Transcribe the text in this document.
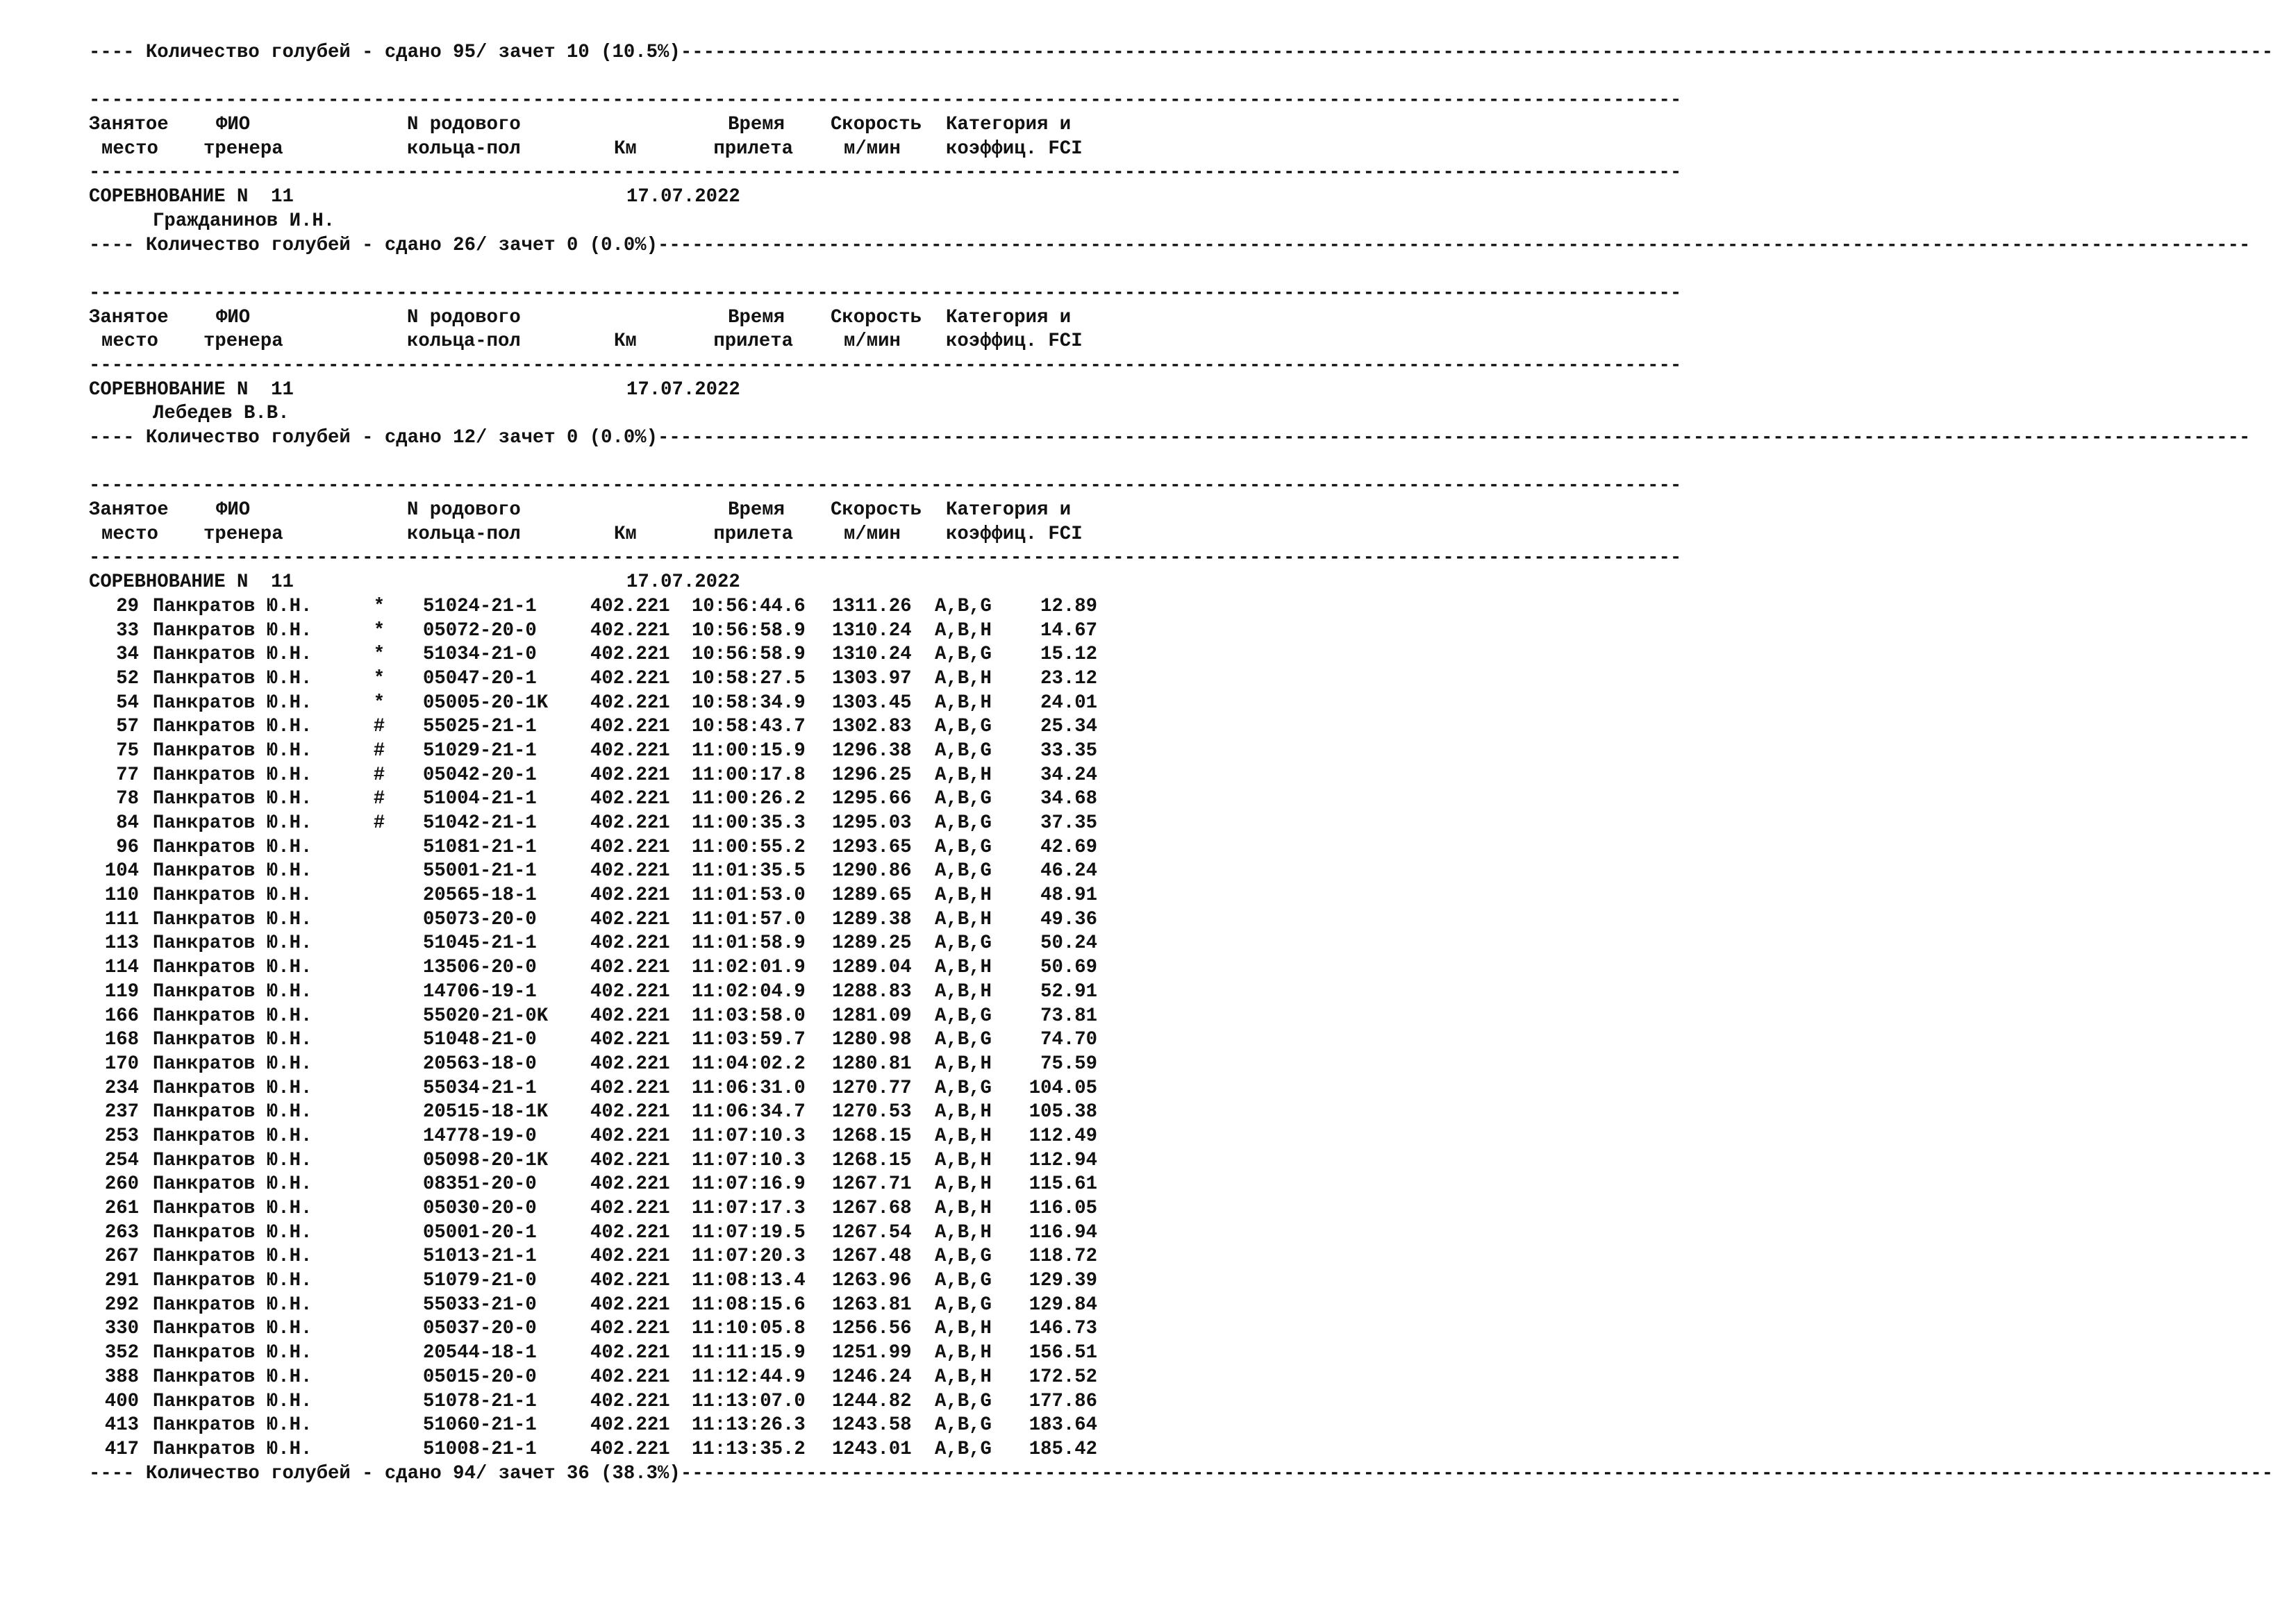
---- Количество голубей - сдано 95/ зачет 10 (10.5%)--------------------------------------------------------------------------------------------------------------------------------------------
--------------------------------------------------------------------------------------------------------------------------------------------
Занятое	ФИО	N родового	Время Скорость Категория и
место тренера	кольца-пол	Км	прилета	м/мин коэффиц. FCI
--------------------------------------------------------------------------------------------------------------------------------------------
СОРЕВНОВАНИЕ N  11	17.07.2022
Гражданинов И.Н.
---- Количество голубей - сдано 26/ зачет 0 (0.0%)--------------------------------------------------------------------------------------------------------------------------------------------
--------------------------------------------------------------------------------------------------------------------------------------------
Занятое	ФИО	N родового	Время Скорость Категория и
место тренера	кольца-пол	Км	прилета	м/мин коэффиц. FCI
--------------------------------------------------------------------------------------------------------------------------------------------
СОРЕВНОВАНИЕ N  11	17.07.2022
Лебедев В.В.
---- Количество голубей - сдано 12/ зачет 0 (0.0%)--------------------------------------------------------------------------------------------------------------------------------------------
--------------------------------------------------------------------------------------------------------------------------------------------
Занятое	ФИО	N родового	Время Скорость Категория и
место тренера	кольца-пол	Км	прилета	м/мин коэффиц. FCI
--------------------------------------------------------------------------------------------------------------------------------------------
СОРЕВНОВАНИЕ N  11	17.07.2022
29 Панкратов Ю.Н.	* 51024-21-1	402.221 10:56:44.6 1311.26 A,B,G	12.89
33 Панкратов Ю.Н.	* 05072-20-0	402.221 10:56:58.9 1310.24 A,B,H	14.67
34 Панкратов Ю.Н.	* 51034-21-0	402.221 10:56:58.9 1310.24 A,B,G	15.12
52 Панкратов Ю.Н.	* 05047-20-1	402.221 10:58:27.5 1303.97 A,B,H	23.12
54 Панкратов Ю.Н.	* 05005-20-1K 402.221 10:58:34.9 1303.45 A,B,H	24.01
57 Панкратов Ю.Н.	# 55025-21-1	402.221 10:58:43.7 1302.83 A,B,G	25.34
75 Панкратов Ю.Н.	# 51029-21-1	402.221 11:00:15.9 1296.38 A,B,G	33.35
77 Панкратов Ю.Н.	# 05042-20-1	402.221 11:00:17.8 1296.25 A,B,H	34.24
78 Панкратов Ю.Н.	# 51004-21-1	402.221 11:00:26.2 1295.66 A,B,G	34.68
84 Панкратов Ю.Н.	# 51042-21-1	402.221 11:00:35.3 1295.03 A,B,G	37.35
96 Панкратов Ю.Н.	51081-21-1	402.221 11:00:55.2 1293.65 A,B,G	42.69
104 Панкратов Ю.Н.	55001-21-1	402.221 11:01:35.5 1290.86 A,B,G	46.24
110 Панкратов Ю.Н.	20565-18-1	402.221 11:01:53.0 1289.65 A,B,H	48.91
111 Панкратов Ю.Н.	05073-20-0	402.221 11:01:57.0 1289.38 A,B,H	49.36
113 Панкратов Ю.Н.	51045-21-1	402.221 11:01:58.9 1289.25 A,B,G	50.24
114 Панкратов Ю.Н.	13506-20-0	402.221 11:02:01.9 1289.04 A,B,H	50.69
119 Панкратов Ю.Н.	14706-19-1	402.221 11:02:04.9 1288.83 A,B,H	52.91
166 Панкратов Ю.Н.	55020-21-0K 402.221 11:03:58.0 1281.09 A,B,G	73.81
168 Панкратов Ю.Н.	51048-21-0	402.221 11:03:59.7 1280.98 A,B,G	74.70
170 Панкратов Ю.Н.	20563-18-0	402.221 11:04:02.2 1280.81 A,B,H	75.59
234 Панкратов Ю.Н.	55034-21-1	402.221 11:06:31.0 1270.77 A,B,G 104.05
237 Панкратов Ю.Н.	20515-18-1K 402.221 11:06:34.7 1270.53 A,B,H 105.38
253 Панкратов Ю.Н.	14778-19-0	402.221 11:07:10.3 1268.15 A,B,H 112.49
254 Панкратов Ю.Н.	05098-20-1K 402.221 11:07:10.3 1268.15 A,B,H 112.94
260 Панкратов Ю.Н.	08351-20-0	402.221 11:07:16.9 1267.71 A,B,H 115.61
261 Панкратов Ю.Н.	05030-20-0	402.221 11:07:17.3 1267.68 A,B,H 116.05
263 Панкратов Ю.Н.	05001-20-1	402.221 11:07:19.5 1267.54 A,B,H 116.94
267 Панкратов Ю.Н.	51013-21-1	402.221 11:07:20.3 1267.48 A,B,G 118.72
291 Панкратов Ю.Н.	51079-21-0	402.221 11:08:13.4 1263.96 A,B,G 129.39
292 Панкратов Ю.Н.	55033-21-0	402.221 11:08:15.6 1263.81 A,B,G 129.84
330 Панкратов Ю.Н.	05037-20-0	402.221 11:10:05.8 1256.56 A,B,H 146.73
352 Панкратов Ю.Н.	20544-18-1	402.221 11:11:15.9 1251.99 A,B,H 156.51
388 Панкратов Ю.Н.	05015-20-0	402.221 11:12:44.9 1246.24 A,B,H 172.52
400 Панкратов Ю.Н.	51078-21-1	402.221 11:13:07.0 1244.82 A,B,G 177.86
413 Панкратов Ю.Н.	51060-21-1	402.221 11:13:26.3 1243.58 A,B,G 183.64
417 Панкратов Ю.Н.	51008-21-1	402.221 11:13:35.2 1243.01 A,B,G 185.42
---- Количество голубей - сдано 94/ зачет 36 (38.3%)--------------------------------------------------------------------------------------------------------------------------------------------
